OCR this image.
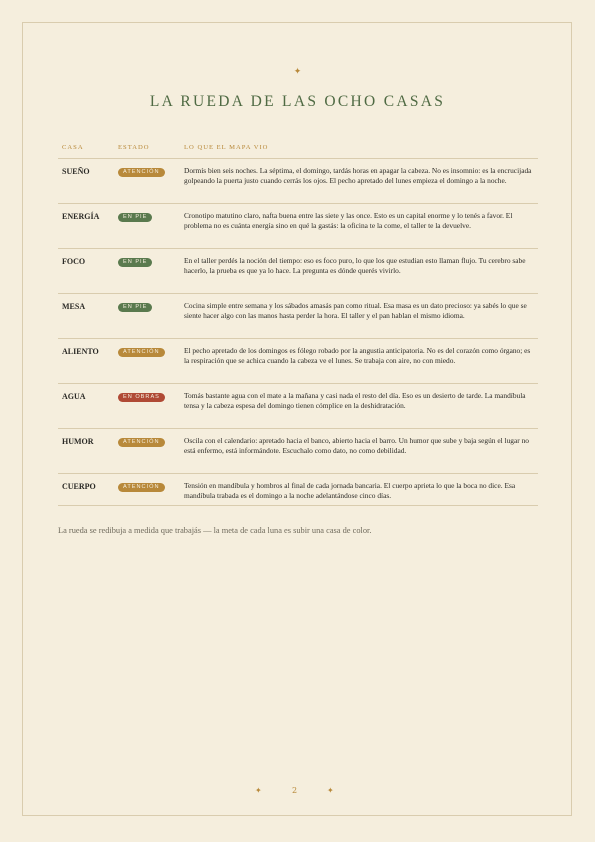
✦
LA RUEDA DE LAS OCHO CASAS
CASA	ESTADO	LO QUE EL MAPA VIO
SUEÑO	ATENCIÓN	Dormís bien seis noches. La séptima, el domingo, tardás horas en apagar la cabeza. No es insomnio: es la encrucijada golpeando la puerta justo cuando cerrás los ojos. El pecho apretado del lunes empieza el domingo a la noche.
ENERGÍA	EN PIE	Cronotipo matutino claro, nafta buena entre las siete y las once. Esto es un capital enorme y lo tenés a favor. El problema no es cuánta energía sino en qué la gastás: la oficina te la come, el taller te la devuelve.
FOCO	EN PIE	En el taller perdés la noción del tiempo: eso es foco puro, lo que los que estudian esto llaman flujo. Tu cerebro sabe hacerlo, la prueba es que ya lo hace. La pregunta es dónde querés vivirlo.
MESA	EN PIE	Cocina simple entre semana y los sábados amasás pan como ritual. Esa masa es un dato precioso: ya sabés lo que se siente hacer algo con las manos hasta perder la hora. El taller y el pan hablan el mismo idioma.
ALIENTO	ATENCIÓN	El pecho apretado de los domingos es fólego robado por la angustia anticipatoria. No es del corazón como órgano; es la respiración que se achica cuando la cabeza ve el lunes. Se trabaja con aire, no con miedo.
AGUA	EN OBRAS	Tomás bastante agua con el mate a la mañana y casi nada el resto del día. Eso es un desierto de tarde. La mandíbula tensa y la cabeza espesa del domingo tienen cómplice en la deshidratación.
HUMOR	ATENCIÓN	Oscila con el calendario: apretado hacia el banco, abierto hacia el barro. Un humor que sube y baja según el lugar no está enfermo, está informándote. Escuchalo como dato, no como debilidad.
CUERPO	ATENCIÓN	Tensión en mandíbula y hombros al final de cada jornada bancaria. El cuerpo aprieta lo que la boca no dice. Esa mandíbula trabada es el domingo a la noche adelantándose cinco días.
La rueda se redibuja a medida que trabajás — la meta de cada luna es subir una casa de color.
✦	2	✦
